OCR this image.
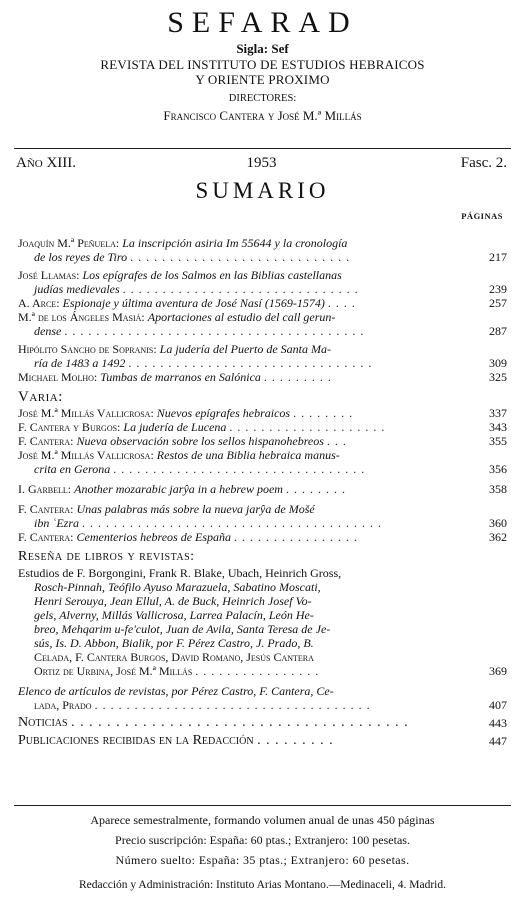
SEFARAD
Sigla: Sef
REVISTA DEL INSTITUTO DE ESTUDIOS HEBRAICOS
Y ORIENTE PROXIMO
DIRECTORES:
Francisco Cantera y José M.ª Millás
Año XIII.	1953	Fasc. 2.
SUMARIO
PÁGINAS
Joaquín M.ª Peñuela: La inscripción asiria Im 55644 y la cronología
de los reyes de Tiro . . . . . . . . . . . . . . . . . . . . . . . . . . . .	217
José Llamas: Los epígrafes de los Salmos en las Biblias castellanas
judías medievales . . . . . . . . . . . . . . . . . . . . . . . . . . . . . .	239
A. Arce: Espionaje y última aventura de José Nasí (1569-1574) . . . .	257
M.ª de los Ángeles Masiá: Aportaciones al estudio del call gerun-
dense . . . . . . . . . . . . . . . . . . . . . . . . . . . . . . . . . . . . . .	287
Hipólito Sancho de Sopranis: La judería del Puerto de Santa Ma-
ría de 1483 a 1492 . . . . . . . . . . . . . . . . . . . . . . . . . . . . . . .	309
Michael Molho: Tumbas de marranos en Salónica . . . . . . . . .	325
Varia:
José M.ª Millás Vallicrosa: Nuevos epígrafes hebraicos . . . . . . . .	337
F. Cantera y Burgos: La judería de Lucena . . . . . . . . . . . . . . . . . . . .	343
F. Cantera: Nueva observación sobre los sellos hispanohebreos . . .	355
José M.ª Millás Vallicrosa: Restos de una Biblia hebraica manus-
crita en Gerona . . . . . . . . . . . . . . . . . . . . . . . . . . . . . . . .	356
I. Garbell: Another mozarabic jarŷa in a hebrew poem . . . . . . . .	358
F. Cantera: Unas palabras más sobre la nueva jarŷa de Mošé
ibn ʿEzra . . . . . . . . . . . . . . . . . . . . . . . . . . . . . . . . . . . . . .	360
F. Cantera: Cementerios hebreos de España . . . . . . . . . . . . . . . .	362
Reseña de libros y revistas:
Estudios de F. Borgongini, Frank R. Blake, Ubach, Heinrich Gross,
Rosch-Pinnah, Teófilo Ayuso Marazuela, Sabatino Moscati,
Henri Serouya, Jean Ellul, A. de Buck, Heinrich Josef Vo-
gels, Alverny, Millás Vallicrosa, Larrea Palacín, León He-
breo, Mehqarim u-fe'culot, Juan de Avila, Santa Teresa de Je-
sús, Is. D. Abbon, Bialik, por F. Pérez Castro, J. Prado, B.
Celada, F. Cantera Burgos, David Romano, Jesús Cantera
Ortiz de Urbina, José M.ª Millás . . . . . . . . . . . . . . . .	369
Elenco de artículos de revistas, por Pérez Castro, F. Cantera, Ce-
lada, Prado . . . . . . . . . . . . . . . . . . . . . . . . . . . . . . . . . . .	407
Noticias . . . . . . . . . . . . . . . . . . . . . . . . . . . . . . . . . . . . . .	443
Publicaciones recibidas en la Redacción . . . . . . . . .	447
Aparece semestralmente, formando volumen anual de unas 450 páginas
Precio suscripción: España: 60 ptas.; Extranjero: 100 pesetas.
Número suelto: España: 35 ptas.; Extranjero: 60 pesetas.
Redacción y Administración: Instituto Arias Montano.—Medinaceli, 4. Madrid.
